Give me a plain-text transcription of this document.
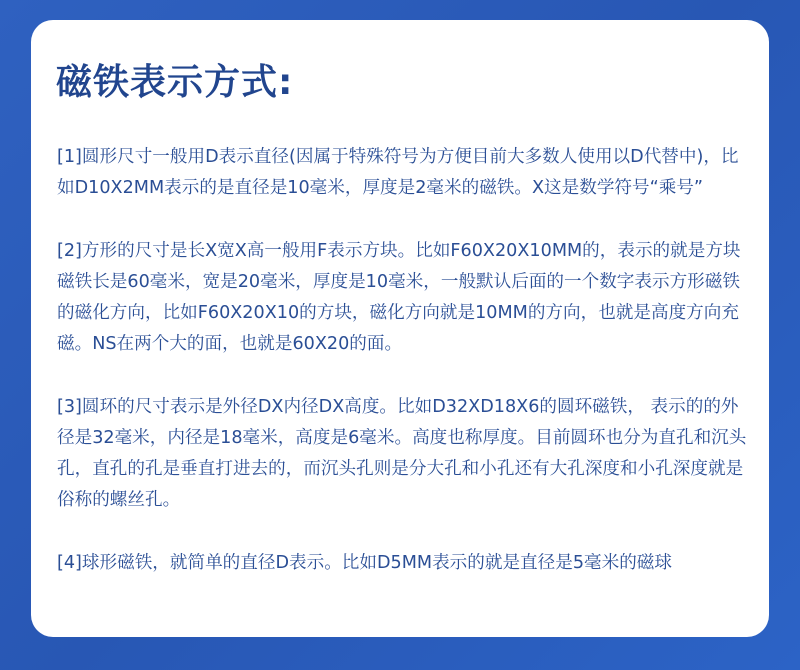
磁铁表示方式:

[1]圆形尺寸一般用D表示直径(因属于特殊符号为方便目前大多数人使用以D代替中)，比如D10X2MM表示的是直径是10毫米，厚度是2毫米的磁铁。X这是数学符号“乘号”

[2]方形的尺寸是长X宽X高一般用F表示方块。比如F60X20X10MM的，表示的就是方块磁铁长是60毫米，宽是20毫米，厚度是10毫米，一般默认后面的一个数字表示方形磁铁的磁化方向，比如F60X20X10的方块，磁化方向就是10MM的方向，也就是高度方向充磁。NS在两个大的面，也就是60X20的面。

[3]圆环的尺寸表示是外径DX内径DX高度。比如D32XD18X6的圆环磁铁， 表示的的外径是32毫米，内径是18毫米，高度是6毫米。高度也称厚度。目前圆环也分为直孔和沉头孔，直孔的孔是垂直打进去的，而沉头孔则是分大孔和小孔还有大孔深度和小孔深度就是俗称的螺丝孔。

[4]球形磁铁，就简单的直径D表示。比如D5MM表示的就是直径是5毫米的磁球
